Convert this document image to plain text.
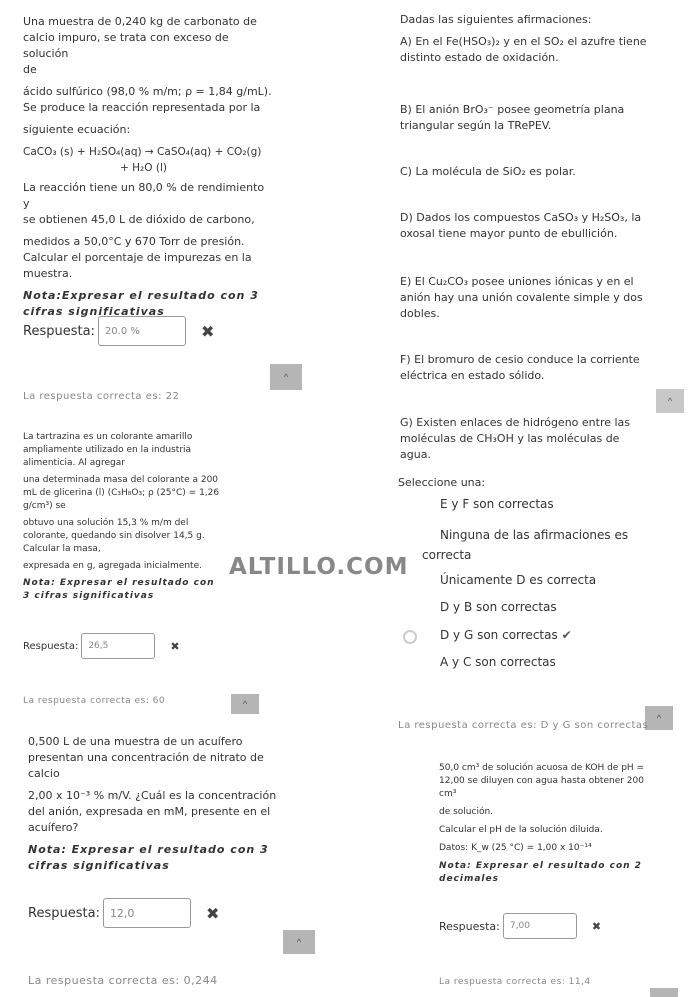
Una muestra de 0,240 kg de carbonato de

calcio impuro, se trata con exceso de solución

de

ácido sulfúrico (98,0 % m/m; ρ = 1,84 g/mL).

Se produce la reacción representada por la

siguiente ecuación:

CaCO₃ (s) + H₂SO₄(aq) → CaSO₄(aq) + CO₂(g)

+ H₂O (l)

La reacción tiene un 80,0 % de rendimiento y

se obtienen 45,0 L de dióxido de carbono,

medidos a 50,0°C y 670 Torr de presión.

Calcular el porcentaje de impurezas en la

muestra.

Nota:Expresar el resultado con 3 cifras significativas

Respuesta:	20.0 %	✖
^
La respuesta correcta es: 22

La tartrazina es un colorante amarillo

ampliamente utilizado en la industria

alimenticia. Al agregar

una determinada masa del colorante a 200

mL de glicerina (l) (C₃H₈O₃; ρ (25°C) = 1,26

g/cm³) se

obtuvo una solución 15,3 % m/m del

colorante, quedando sin disolver 14,5 g.

Calcular la masa,

expresada en g, agregada inicialmente.

Nota: Expresar el resultado con 3 cifras significativas

Respuesta:	26,5	✖
La respuesta correcta es: 60	^
ALTILLO.COM

0,500 L de una muestra de un acuífero

presentan una concentración de nitrato de

calcio

2,00 x 10⁻³ % m/V. ¿Cuál es la concentración

del anión, expresada en mM, presente en el

acuífero?

Nota: Expresar el resultado con 3 cifras significativas

Respuesta: 12,0	✖
^
La respuesta correcta es: 0,244

Dadas las siguientes afirmaciones:

A) En el Fe(HSO₃)₂ y en el SO₂ el azufre tiene distinto estado de oxidación.

B) El anión BrO₃⁻ posee geometría plana triangular según la TRePEV.

C) La molécula de SiO₂ es polar.

D) Dados los compuestos CaSO₃ y H₂SO₃, la oxosal tiene mayor punto de ebullición.

E) El Cu₂CO₃ posee uniones iónicas y en el anión hay una unión covalente simple y dos dobles.

F) El bromuro de cesio conduce la corriente eléctrica en estado sólido.

G) Existen enlaces de hidrógeno entre las moléculas de CH₃OH y las moléculas de agua.

^
Seleccione una:
E y F son correctas
Ninguna de las afirmaciones es correcta
Únicamente D es correcta
D y B son correctas
D y G son correctas ✔
A y C son correctas
^
La respuesta correcta es: D y G son correctas

50,0 cm³ de solución acuosa de KOH de pH =

12,00 se diluyen con agua hasta obtener 200

cm³

de solución.

Calcular el pH de la solución diluida.

Datos: K_w (25 °C) = 1,00 x 10⁻¹⁴

Nota: Expresar el resultado con 2 decimales

Respuesta:	7,00	✖
La respuesta correcta es: 11,4
